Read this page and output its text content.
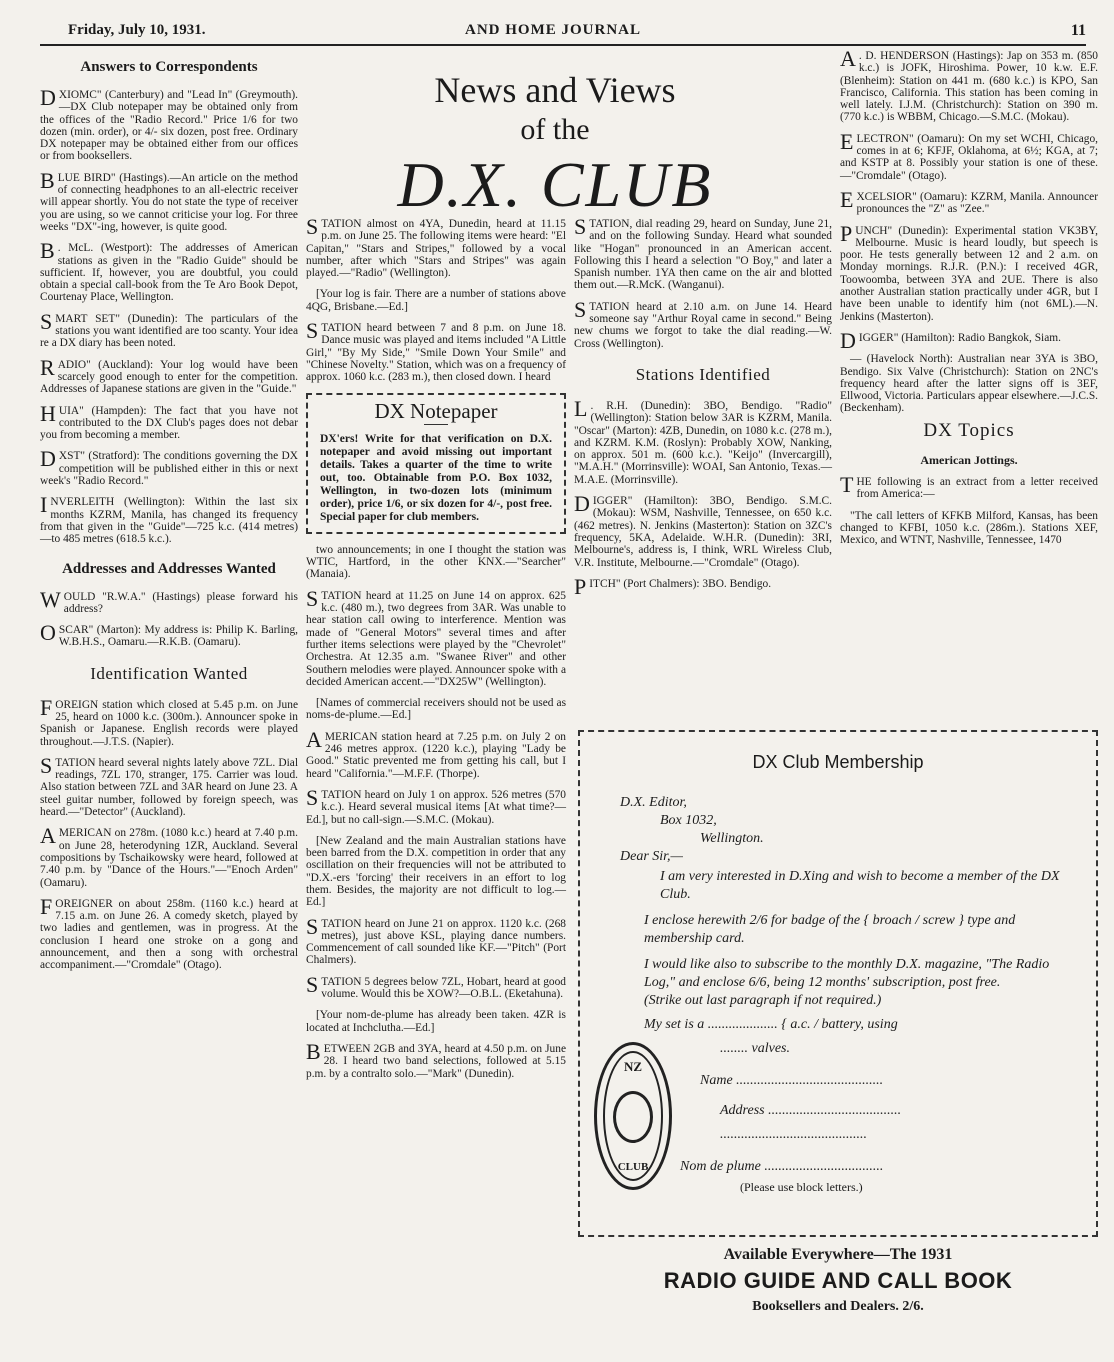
Friday, July 10, 1931.	AND HOME JOURNAL	11
News and Views
of the
D.X. CLUB
Answers to Correspondents

DXIOMC" (Canterbury) and "Lead In" (Greymouth).—DX Club notepaper may be obtained only from the offices of the "Radio Record." Price 1/6 for two dozen (min. order), or 4/- six dozen, post free. Ordinary DX notepaper may be obtained either from our offices or from booksellers.

BLUE BIRD" (Hastings).—An article on the method of connecting headphones to an all-electric receiver will appear shortly. You do not state the type of receiver you are using, so we cannot criticise your log. For three weeks "DX"-ing, however, is quite good.

B . McL. (Westport): The addresses of American stations as given in the "Radio Guide" should be sufficient. If, however, you are doubtful, you could obtain a special call-book from the Te Aro Book Depot, Courtenay Place, Wellington.

SMART SET" (Dunedin): The particulars of the stations you want identified are too scanty. Your idea re a DX diary has been noted.

RADIO" (Auckland): Your log would have been scarcely good enough to enter for the competition. Addresses of Japanese stations are given in the "Guide."

HUIA" (Hampden): The fact that you have not contributed to the DX Club's pages does not debar you from becoming a member.

DXST" (Stratford): The conditions governing the DX competition will be published either in this or next week's "Radio Record."

INVERLEITH (Wellington): Within the last six months KZRM, Manila, has changed its frequency from that given in the "Guide"—725 k.c. (414 metres)—to 485 metres (618.5 k.c.).

Addresses and Addresses Wanted

WOULD "R.W.A." (Hastings) please forward his address?

OSCAR" (Marton): My address is: Philip K. Barling, W.B.H.S., Oamaru.—R.K.B. (Oamaru).

Identification Wanted

FOREIGN station which closed at 5.45 p.m. on June 25, heard on 1000 k.c. (300m.). Announcer spoke in Spanish or Japanese. English records were played throughout.—J.T.S. (Napier).

STATION heard several nights lately above 7ZL. Dial readings, 7ZL 170, stranger, 175. Carrier was loud. Also station between 7ZL and 3AR heard on June 23. A steel guitar number, followed by foreign speech, was heard.—"Detector" (Auckland).

AMERICAN on 278m. (1080 k.c.) heard at 7.40 p.m. on June 28, heterodyning 1ZR, Auckland. Several compositions by Tschaikowsky were heard, followed at 7.40 p.m. by "Dance of the Hours."—"Enoch Arden" (Oamaru).

FOREIGNER on about 258m. (1160 k.c.) heard at 7.15 a.m. on June 26. A comedy sketch, played by two ladies and gentlemen, was in progress. At the conclusion I heard one stroke on a gong and announcement, and then a song with orchestral accompaniment.—"Cromdale" (Otago).

STATION almost on 4YA, Dunedin, heard at 11.15 p.m. on June 25. The following items were heard: "El Capitan," "Stars and Stripes," followed by a vocal number, after which "Stars and Stripes" was again played.—"Radio" (Wellington).

[Your log is fair. There are a number of stations above 4QG, Brisbane.—Ed.]

STATION heard between 7 and 8 p.m. on June 18. Dance music was played and items included "A Little Girl," "By My Side," "Smile Down Your Smile" and "Chinese Novelty." Station, which was on a frequency of approx. 1060 k.c. (283 m.), then closed down. I heard

DX Notepaper
DX'ers! Write for that verification on D.X. notepaper and avoid missing out important details. Takes a quarter of the time to write out, too. Obtainable from P.O. Box 1032, Wellington, in two-dozen lots (minimum order), price 1/6, or six dozen for 4/-, post free. Special paper for club members.

two announcements; in one I thought the station was WTIC, Hartford, in the other KNX.—"Searcher" (Manaia).

STATION heard at 11.25 on June 14 on approx. 625 k.c. (480 m.), two degrees from 3AR. Was unable to hear station call owing to interference. Mention was made of "General Motors" several times and after further items selections were played by the "Chevrolet" Orchestra. At 12.35 a.m. "Swanee River" and other Southern melodies were played. Announcer spoke with a decided American accent.—"DX25W" (Wellington).

[Names of commercial receivers should not be used as noms-de-plume.—Ed.]

AMERICAN station heard at 7.25 p.m. on July 2 on 246 metres approx. (1220 k.c.), playing "Lady be Good." Static prevented me from getting his call, but I heard "California."—M.F.F. (Thorpe).

STATION heard on July 1 on approx. 526 metres (570 k.c.). Heard several musical items [At what time?—Ed.], but no call-sign.—S.M.C. (Mokau).

[New Zealand and the main Australian stations have been barred from the D.X. competition in order that any oscillation on their frequencies will not be attributed to "D.X.-ers 'forcing' their receivers in an effort to log them. Besides, the majority are not difficult to log.—Ed.]

STATION heard on June 21 on approx. 1120 k.c. (268 metres), just above KSL, playing dance numbers. Commencement of call sounded like KF.—"Pitch" (Port Chalmers).

STATION 5 degrees below 7ZL, Hobart, heard at good volume. Would this be XOW?—O.B.L. (Eketahuna).

[Your nom-de-plume has already been taken. 4ZR is located at Inchclutha.—Ed.]

BETWEEN 2GB and 3YA, heard at 4.50 p.m. on June 28. I heard two band selections, followed at 5.15 p.m. by a contralto solo.—"Mark" (Dunedin).

STATION, dial reading 29, heard on Sunday, June 21, and on the following Sunday. Heard what sounded like "Hogan" pronounced in an American accent. Following this I heard a selection "O Boy," and later a Spanish number. 1YA then came on the air and blotted them out.—R.McK. (Wanganui).

STATION heard at 2.10 a.m. on June 14. Heard someone say "Arthur Royal came in second." Being new chums we forgot to take the dial reading.—W. Cross (Wellington).

Stations Identified

L . R.H. (Dunedin): 3BO, Bendigo. "Radio" (Wellington): Station below 3AR is KZRM, Manila. "Oscar" (Marton): 4ZB, Dunedin, on 1080 k.c. (278 m.), and KZRM. K.M. (Roslyn): Probably XOW, Nanking, on approx. 501 m. (600 k.c.). "Keijo" (Invercargill), "M.A.H." (Morrinsville): WOAI, San Antonio, Texas.—M.A.E. (Morrinsville).

DIGGER" (Hamilton): 3BO, Bendigo. S.M.C. (Mokau): WSM, Nashville, Tennessee, on 650 k.c. (462 metres). N. Jenkins (Masterton): Station on 3ZC's frequency, 5KA, Adelaide. W.H.R. (Dunedin): 3RI, Melbourne's, address is, I think, WRL Wireless Club, V.R. Institute, Melbourne.—"Cromdale" (Otago).

PITCH" (Port Chalmers): 3BO. Bendigo.

A . D. HENDERSON (Hastings): Jap on 353 m. (850 k.c.) is JOFK, Hiroshima. Power, 10 k.w. E.F. (Blenheim): Station on 441 m. (680 k.c.) is KPO, San Francisco, California. This station has been coming in well lately. I.J.M. (Christchurch): Station on 390 m. (770 k.c.) is WBBM, Chicago.—S.M.C. (Mokau).

ELECTRON" (Oamaru): On my set WCHI, Chicago, comes in at 6; KFJF, Oklahoma, at 6½; KGA, at 7; and KSTP at 8. Possibly your station is one of these.—"Cromdale" (Otago).

EXCELSIOR" (Oamaru): KZRM, Manila. Announcer pronounces the "Z" as "Zee."

PUNCH" (Dunedin): Experimental station VK3BY, Melbourne. Music is heard loudly, but speech is poor. He tests generally between 12 and 2 a.m. on Monday mornings. R.J.R. (P.N.): I received 4GR, Toowoomba, between 3YA and 2UE. There is also another Australian station practically under 4GR, but I have been unable to identify him (not 6ML).—N. Jenkins (Masterton).

DIGGER" (Hamilton): Radio Bangkok, Siam.

— (Havelock North): Australian near 3YA is 3BO, Bendigo. Six Valve (Christchurch): Station on 2NC's frequency heard after the latter signs off is 3EF, Ellwood, Victoria. Particulars appear elsewhere.—J.C.S. (Beckenham).

DX Topics
American Jottings.

THE following is an extract from a letter received from America:—

"The call letters of KFKB Milford, Kansas, has been changed to KFBI, 1050 k.c. (286m.). Stations XEF, Mexico, and WTNT, Nashville, Tennessee, 1470

DX Club Membership
D.X. Editor,
Box 1032,
Wellington.
Dear Sir,—
I am very interested in D.Xing and wish to become a member of the DX Club.
I enclose herewith 2/6 for badge of the { broach / screw } type and membership card.
I would like also to subscribe to the monthly D.X. magazine, "The Radio Log," and enclose 6/6, being 12 months' subscription, post free.
(Strike out last paragraph if not required.)
My set is a .................... { a.c. / battery, using
........ valves.
Name ..........................................
Address ......................................
..........................................
Nom de plume ..................................
(Please use block letters.)
NZ
CLUB
Available Everywhere—The 1931
RADIO GUIDE AND CALL BOOK
Booksellers and Dealers. 2/6.
